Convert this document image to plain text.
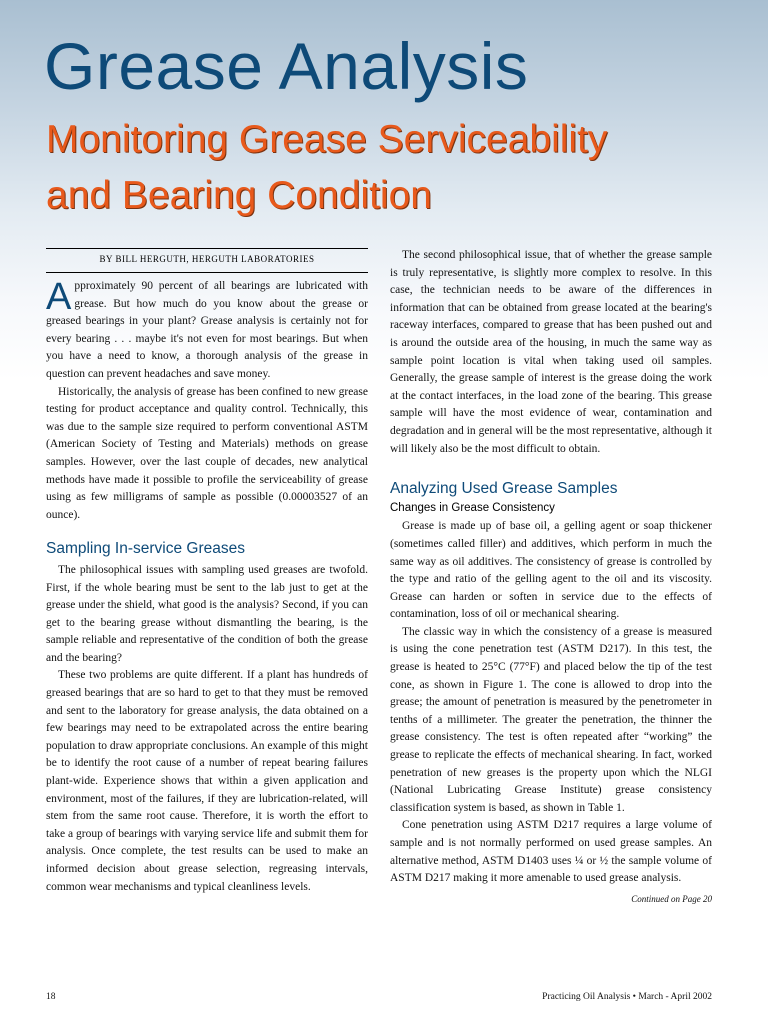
Grease Analysis
Monitoring Grease Serviceability
and Bearing Condition
BY BILL HERGUTH, HERGUTH LABORATORIES

Approximately 90 percent of all bearings are lubricated with grease. But how much do you know about the grease or greased bearings in your plant? Grease analysis is certainly not for every bearing . . . maybe it's not even for most bearings. But when you have a need to know, a thorough analysis of the grease in question can prevent headaches and save money.

Historically, the analysis of grease has been confined to new grease testing for product acceptance and quality control. Technically, this was due to the sample size required to perform conventional ASTM (American Society of Testing and Materials) methods on grease samples. However, over the last couple of decades, new analytical methods have made it possible to profile the serviceability of grease using as few milligrams of sample as possible (0.00003527 of an ounce).

Sampling In-service Greases

The philosophical issues with sampling used greases are twofold. First, if the whole bearing must be sent to the lab just to get at the grease under the shield, what good is the analysis? Second, if you can get to the bearing grease without dismantling the bearing, is the sample reliable and representative of the condition of both the grease and the bearing?

These two problems are quite different. If a plant has hundreds of greased bearings that are so hard to get to that they must be removed and sent to the laboratory for grease analysis, the data obtained on a few bearings may need to be extrapolated across the entire bearing population to draw appropriate conclusions. An example of this might be to identify the root cause of a number of repeat bearing failures plant-wide. Experience shows that within a given application and environment, most of the failures, if they are lubrication-related, will stem from the same root cause. Therefore, it is worth the effort to take a group of bearings with varying service life and submit them for analysis. Once complete, the test results can be used to make an informed decision about grease selection, regreasing intervals, common wear mechanisms and typical cleanliness levels.

The second philosophical issue, that of whether the grease sample is truly representative, is slightly more complex to resolve. In this case, the technician needs to be aware of the differences in information that can be obtained from grease located at the bearing's raceway interfaces, compared to grease that has been pushed out and is around the outside area of the housing, in much the same way as sample point location is vital when taking used oil samples. Generally, the grease sample of interest is the grease doing the work at the contact interfaces, in the load zone of the bearing. This grease sample will have the most evidence of wear, contamination and degradation and in general will be the most representative, although it will likely also be the most difficult to obtain.

Analyzing Used Grease Samples
Changes in Grease Consistency

Grease is made up of base oil, a gelling agent or soap thickener (sometimes called filler) and additives, which perform in much the same way as oil additives. The consistency of grease is controlled by the type and ratio of the gelling agent to the oil and its viscosity. Grease can harden or soften in service due to the effects of contamination, loss of oil or mechanical shearing.

The classic way in which the consistency of a grease is measured is using the cone penetration test (ASTM D217). In this test, the grease is heated to 25°C (77°F) and placed below the tip of the test cone, as shown in Figure 1. The cone is allowed to drop into the grease; the amount of penetration is measured by the penetrometer in tenths of a millimeter. The greater the penetration, the thinner the grease consistency. The test is often repeated after “working” the grease to replicate the effects of mechanical shearing. In fact, worked penetration of new greases is the property upon which the NLGI (National Lubricating Grease Institute) grease consistency classification system is based, as shown in Table 1.

Cone penetration using ASTM D217 requires a large volume of sample and is not normally performed on used grease samples. An alternative method, ASTM D1403 uses ¼ or ½ the sample volume of ASTM D217 making it more amenable to used grease analysis.

Continued on Page 20
18	Practicing Oil Analysis • March - April 2002
